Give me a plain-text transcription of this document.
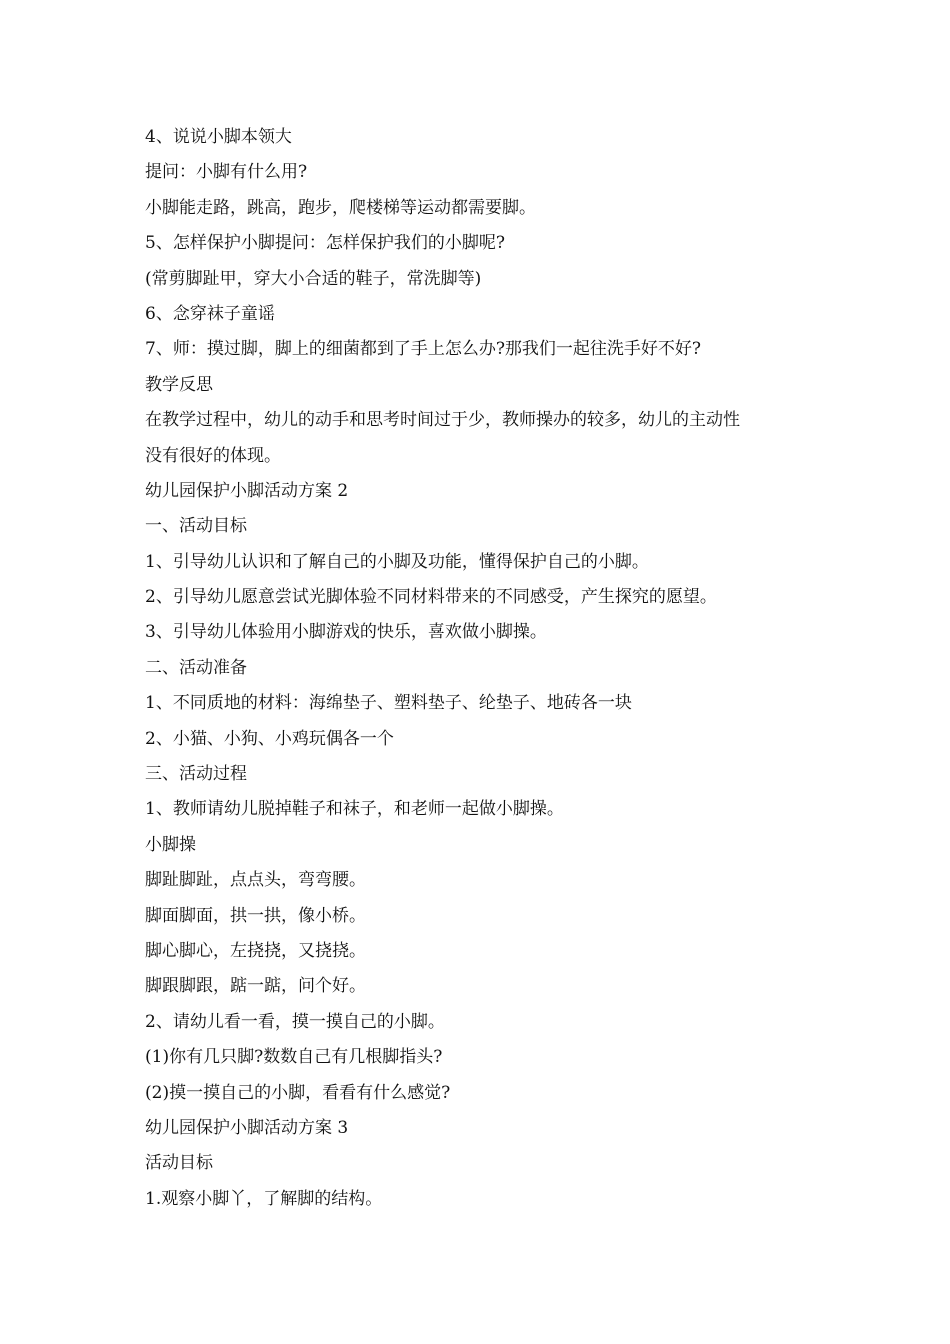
4、说说小脚本领大
提问：小脚有什么用?
小脚能走路，跳高，跑步，爬楼梯等运动都需要脚。
5、怎样保护小脚提问：怎样保护我们的小脚呢?
(常剪脚趾甲，穿大小合适的鞋子，常洗脚等)
6、念穿袜子童谣
7、师：摸过脚，脚上的细菌都到了手上怎么办?那我们一起往洗手好不好?
教学反思
在教学过程中，幼儿的动手和思考时间过于少，教师操办的较多，幼儿的主动性
没有很好的体现。
幼儿园保护小脚活动方案 2
一、活动目标
1、引导幼儿认识和了解自己的小脚及功能，懂得保护自己的小脚。
2、引导幼儿愿意尝试光脚体验不同材料带来的不同感受，产生探究的愿望。
3、引导幼儿体验用小脚游戏的快乐，喜欢做小脚操。
二、活动准备
1、不同质地的材料：海绵垫子、塑料垫子、纶垫子、地砖各一块
2、小猫、小狗、小鸡玩偶各一个
三、活动过程
1、教师请幼儿脱掉鞋子和袜子，和老师一起做小脚操。
小脚操
脚趾脚趾，点点头，弯弯腰。
脚面脚面，拱一拱，像小桥。
脚心脚心，左挠挠，又挠挠。
脚跟脚跟，踮一踮，问个好。
2、请幼儿看一看，摸一摸自己的小脚。
(1)你有几只脚?数数自己有几根脚指头?
(2)摸一摸自己的小脚，看看有什么感觉?
幼儿园保护小脚活动方案 3
活动目标
1.观察小脚丫，了解脚的结构。
